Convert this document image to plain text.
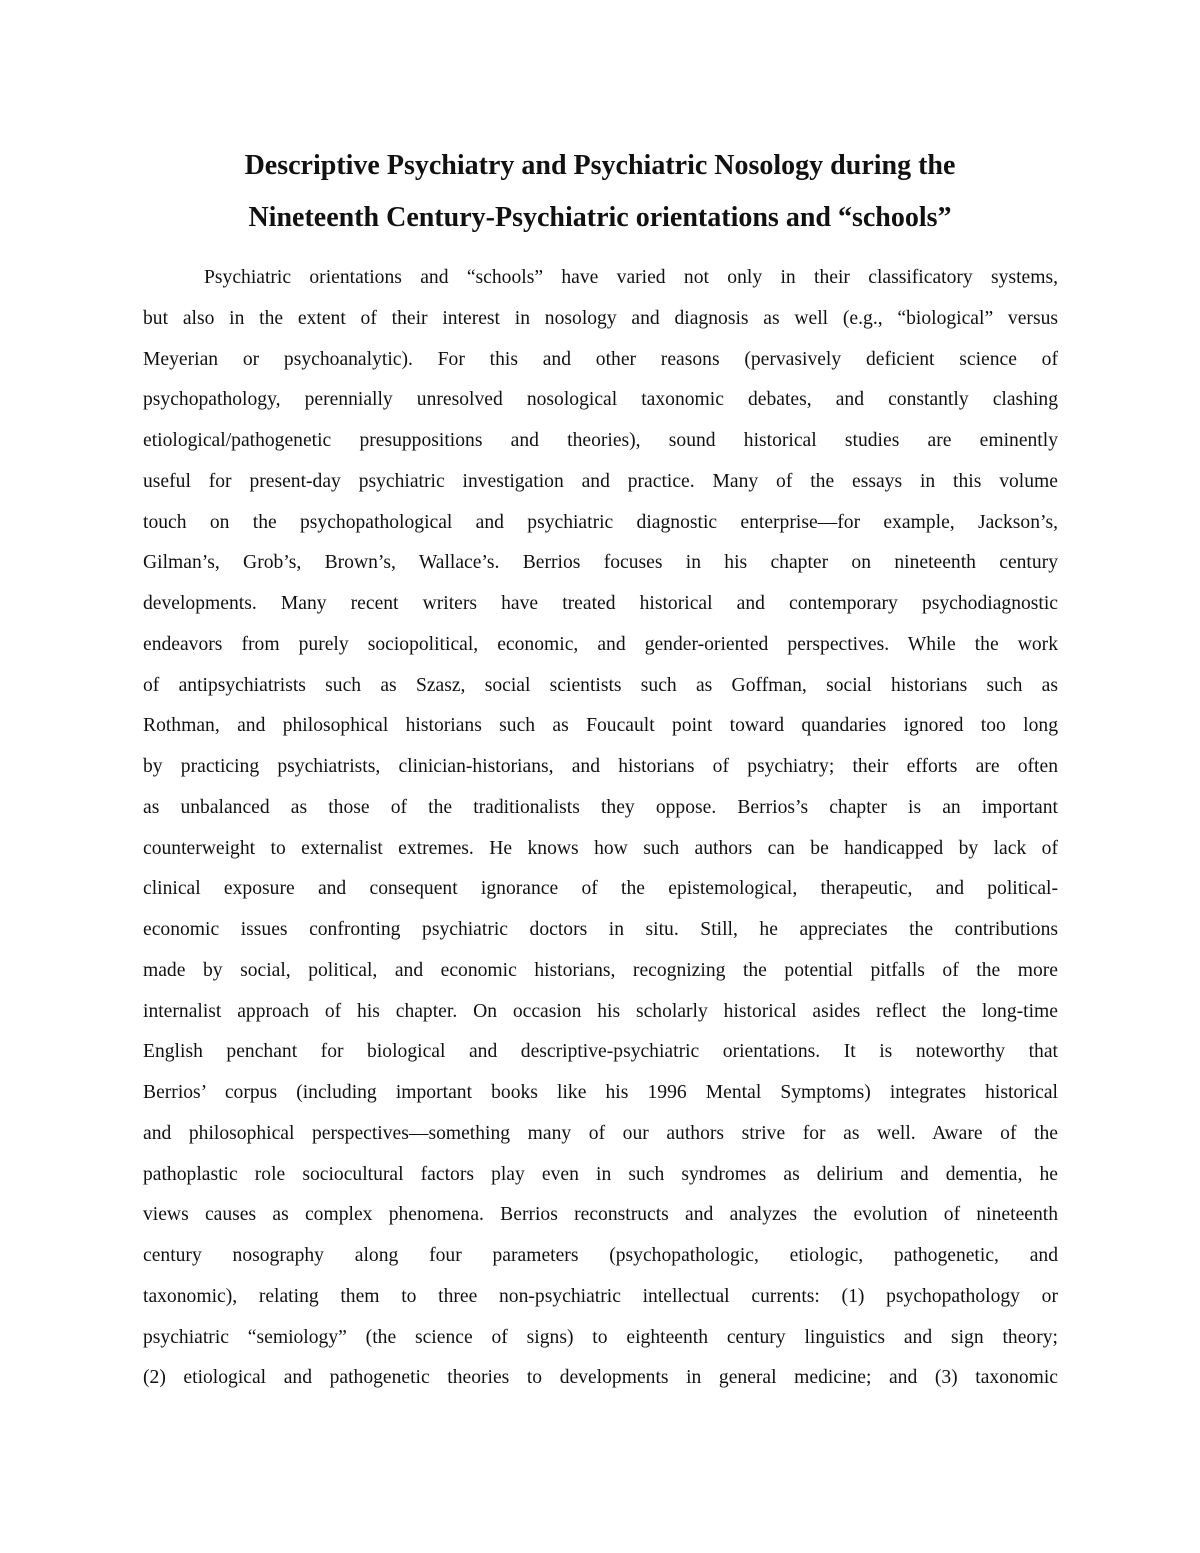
Descriptive Psychiatry and Psychiatric Nosology during the
Nineteenth Century-Psychiatric orientations and “schools”
Psychiatric orientations and “schools” have varied not only in their classificatory systems,
but also in the extent of their interest in nosology and diagnosis as well (e.g., “biological” versus
Meyerian or psychoanalytic). For this and other reasons (pervasively deficient science of
psychopathology, perennially unresolved nosological taxonomic debates, and constantly clashing
etiological/pathogenetic presuppositions and theories), sound historical studies are eminently
useful for present-day psychiatric investigation and practice. Many of the essays in this volume
touch on the psychopathological and psychiatric diagnostic enterprise—for example, Jackson’s,
Gilman’s, Grob’s, Brown’s, Wallace’s. Berrios focuses in his chapter on nineteenth century
developments. Many recent writers have treated historical and contemporary psychodiagnostic
endeavors from purely sociopolitical, economic, and gender-oriented perspectives. While the work
of antipsychiatrists such as Szasz, social scientists such as Goffman, social historians such as
Rothman, and philosophical historians such as Foucault point toward quandaries ignored too long
by practicing psychiatrists, clinician-historians, and historians of psychiatry; their efforts are often
as unbalanced as those of the traditionalists they oppose. Berrios’s chapter is an important
counterweight to externalist extremes. He knows how such authors can be handicapped by lack of
clinical exposure and consequent ignorance of the epistemological, therapeutic, and political-
economic issues confronting psychiatric doctors in situ. Still, he appreciates the contributions
made by social, political, and economic historians, recognizing the potential pitfalls of the more
internalist approach of his chapter. On occasion his scholarly historical asides reflect the long-time
English penchant for biological and descriptive-psychiatric orientations. It is noteworthy that
Berrios’ corpus (including important books like his 1996 Mental Symptoms) integrates historical
and philosophical perspectives—something many of our authors strive for as well. Aware of the
pathoplastic role sociocultural factors play even in such syndromes as delirium and dementia, he
views causes as complex phenomena. Berrios reconstructs and analyzes the evolution of nineteenth
century nosography along four parameters (psychopathologic, etiologic, pathogenetic, and
taxonomic), relating them to three non-psychiatric intellectual currents: (1) psychopathology or
psychiatric “semiology” (the science of signs) to eighteenth century linguistics and sign theory;
(2) etiological and pathogenetic theories to developments in general medicine; and (3) taxonomic
